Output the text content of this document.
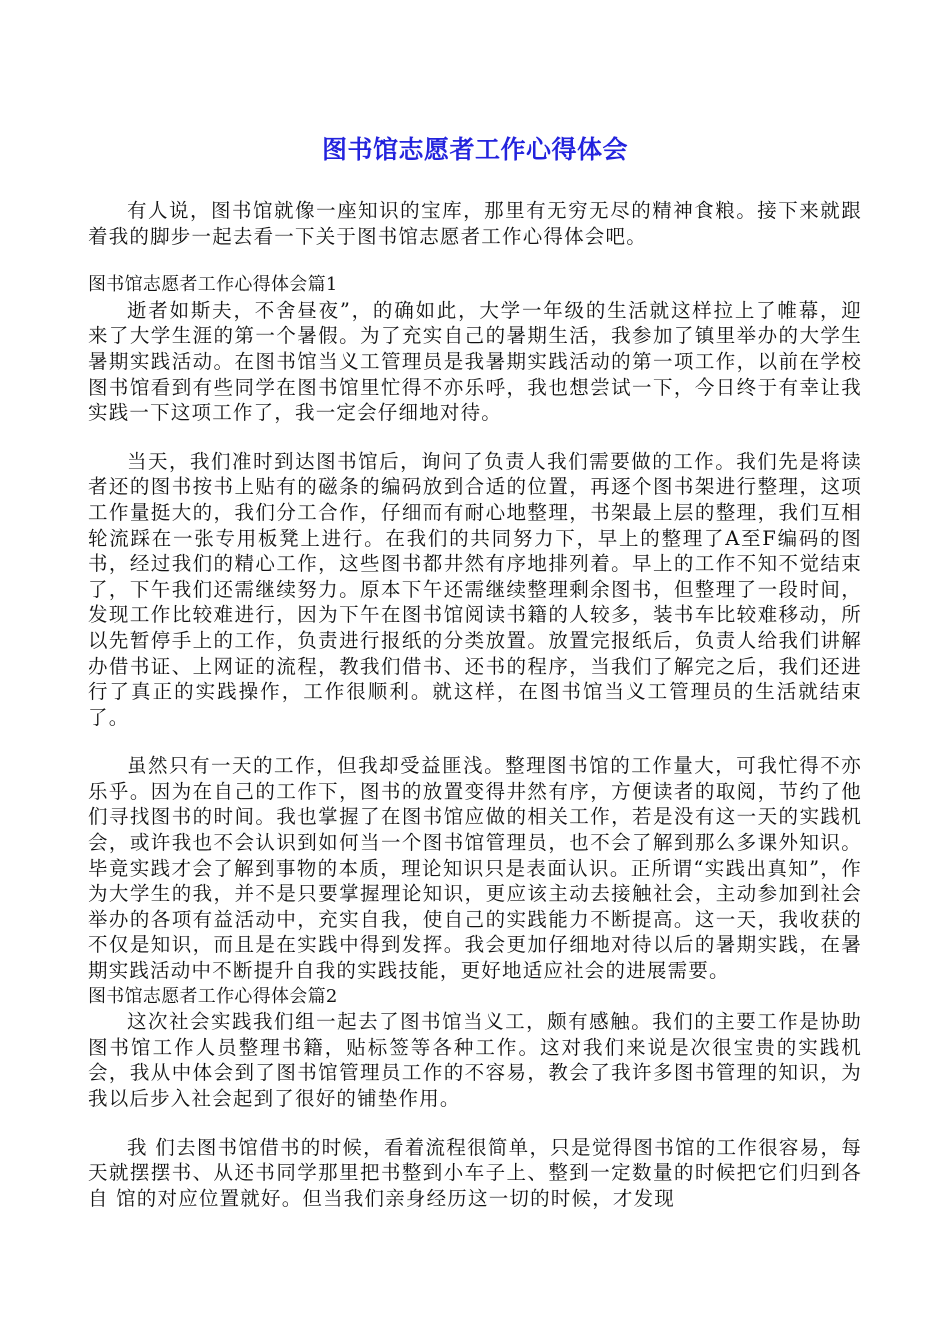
图书馆志愿者工作心得体会

有人说，图书馆就像一座知识的宝库，那里有无穷无尽的精神食粮。接下来就跟着我的脚步一起去看一下关于图书馆志愿者工作心得体会吧。

图书馆志愿者工作心得体会篇1

逝者如斯夫，不舍昼夜”，的确如此，大学一年级的生活就这样拉上了帷幕，迎来了大学生涯的第一个暑假。为了充实自己的暑期生活，我参加了镇里举办的大学生暑期实践活动。在图书馆当义工管理员是我暑期实践活动的第一项工作，以前在学校图书馆看到有些同学在图书馆里忙得不亦乐呼，我也想尝试一下，今日终于有幸让我实践一下这项工作了，我一定会仔细地对待。

当天，我们准时到达图书馆后，询问了负责人我们需要做的工作。我们先是将读者还的图书按书上贴有的磁条的编码放到合适的位置，再逐个图书架进行整理，这项工作量挺大的，我们分工合作，仔细而有耐心地整理，书架最上层的整理，我们互相轮流踩在一张专用板凳上进行。在我们的共同努力下，早上的整理了A至F编码的图书，经过我们的精心工作，这些图书都井然有序地排列着。早上的工作不知不觉结束了，下午我们还需继续努力。原本下午还需继续整理剩余图书，但整理了一段时间，发现工作比较难进行，因为下午在图书馆阅读书籍的人较多，装书车比较难移动，所以先暂停手上的工作，负责进行报纸的分类放置。放置完报纸后，负责人给我们讲解办借书证、上网证的流程，教我们借书、还书的程序，当我们了解完之后，我们还进行了真正的实践操作，工作很顺利。就这样，在图书馆当义工管理员的生活就结束了。

虽然只有一天的工作，但我却受益匪浅。整理图书馆的工作量大，可我忙得不亦乐乎。因为在自己的工作下，图书的放置变得井然有序，方便读者的取阅，节约了他们寻找图书的时间。我也掌握了在图书馆应做的相关工作，若是没有这一天的实践机会，或许我也不会认识到如何当一个图书馆管理员，也不会了解到那么多课外知识。毕竟实践才会了解到事物的本质，理论知识只是表面认识。正所谓“实践出真知”，作为大学生的我，并不是只要掌握理论知识，更应该主动去接触社会，主动参加到社会举办的各项有益活动中，充实自我，使自己的实践能力不断提高。这一天，我收获的不仅是知识，而且是在实践中得到发挥。我会更加仔细地对待以后的暑期实践，在暑期实践活动中不断提升自我的实践技能，更好地适应社会的进展需要。

图书馆志愿者工作心得体会篇2

这次社会实践我们组一起去了图书馆当义工，颇有感触。我们的主要工作是协助图书馆工作人员整理书籍，贴标签等各种工作。这对我们来说是次很宝贵的实践机会，我从中体会到了图书馆管理员工作的不容易，教会了我许多图书管理的知识，为我以后步入社会起到了很好的铺垫作用。

我 们去图书馆借书的时候，看着流程很简单，只是觉得图书馆的工作很容易，每天就摆摆书、从还书同学那里把书整到小车子上、整到一定数量的时候把它们归到各自 馆的对应位置就好。但当我们亲身经历这一切的时候，才发现
